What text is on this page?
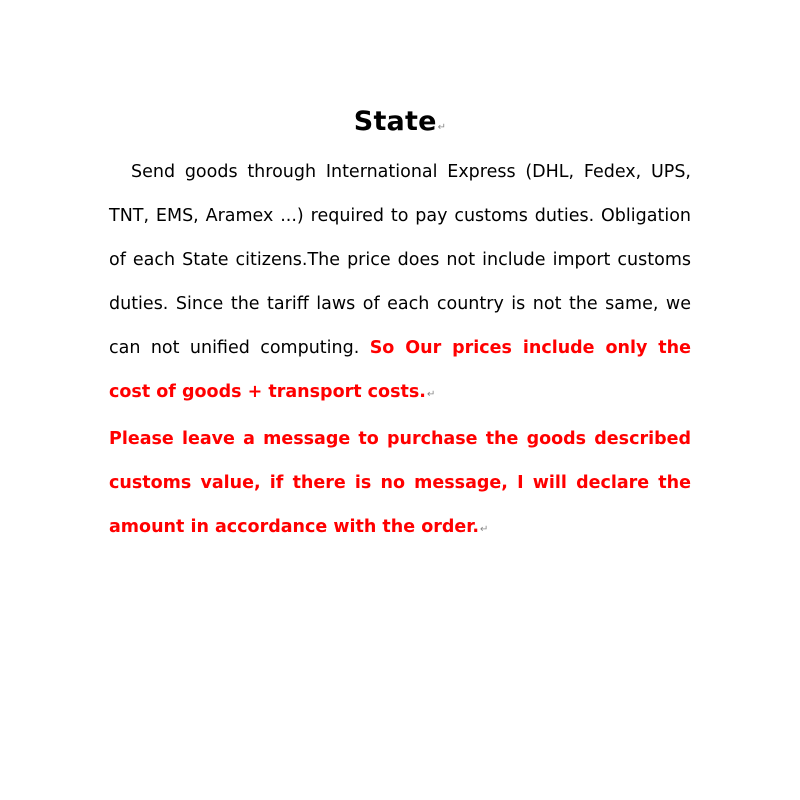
State↵

Send goods through International Express (DHL, Fedex, UPS, TNT, EMS, Aramex ...) required to pay customs duties. Obligation of each State citizens.The price does not include import customs duties. Since the tariff laws of each country is not the same, we can not unified computing. So Our prices include only the cost of goods + transport costs.↵

Please leave a message to purchase the goods described customs value, if there is no message, I will declare the amount in accordance with the order.↵
